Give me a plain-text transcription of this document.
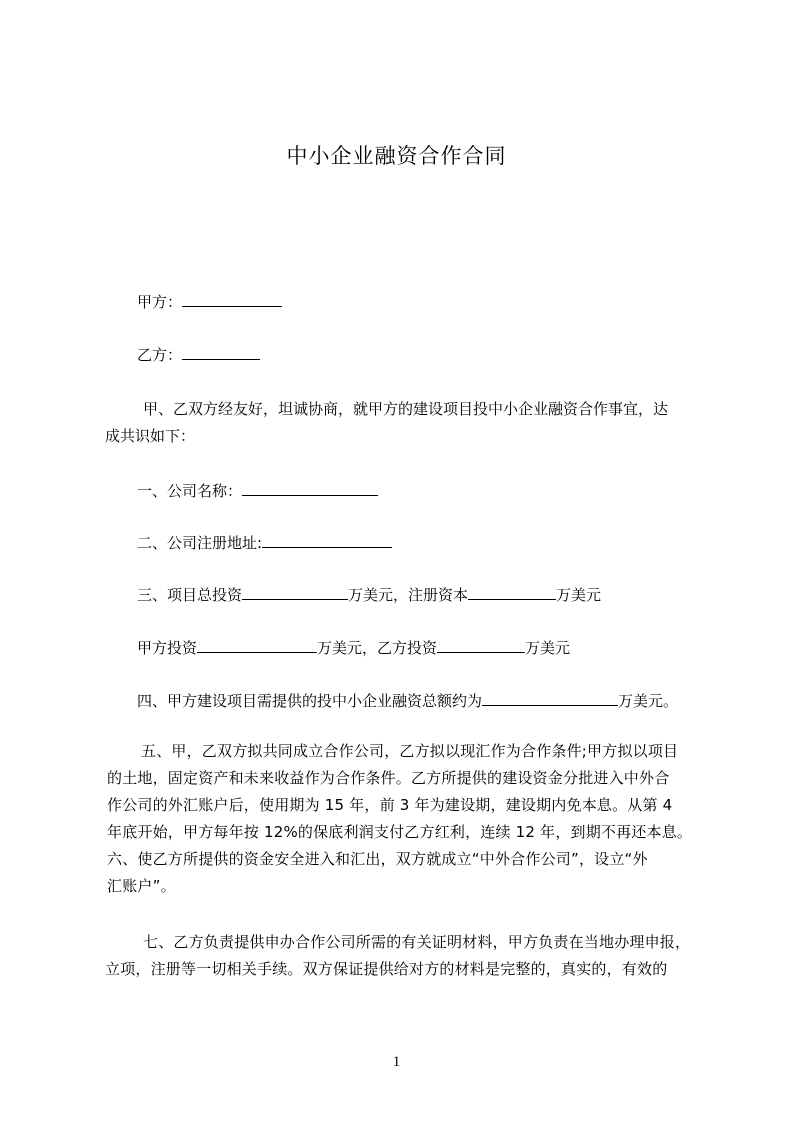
中小企业融资合作合同
甲方：
乙方：
甲、乙双方经友好，坦诚协商，就甲方的建设项目投中小企业融资合作事宜，达
成共识如下：
一、公司名称：
二、公司注册地址:
三、项目总投资	万美元，注册资本	万美元
甲方投资	万美元，乙方投资	万美元
四、甲方建设项目需提供的投中小企业融资总额约为	万美元。
五、甲，乙双方拟共同成立合作公司，乙方拟以现汇作为合作条件;甲方拟以项目
的土地，固定资产和未来收益作为合作条件。乙方所提供的建设资金分批进入中外合
作公司的外汇账户后，使用期为 15 年，前 3 年为建设期，建设期内免本息。从第 4
年底开始，甲方每年按 12%的保底利润支付乙方红利，连续 12 年，到期不再还本息。
六、使乙方所提供的资金安全进入和汇出，双方就成立“中外合作公司”，设立“外
汇账户”。
七、乙方负责提供申办合作公司所需的有关证明材料，甲方负责在当地办理申报，
立项，注册等一切相关手续。双方保证提供给对方的材料是完整的，真实的，有效的
1
